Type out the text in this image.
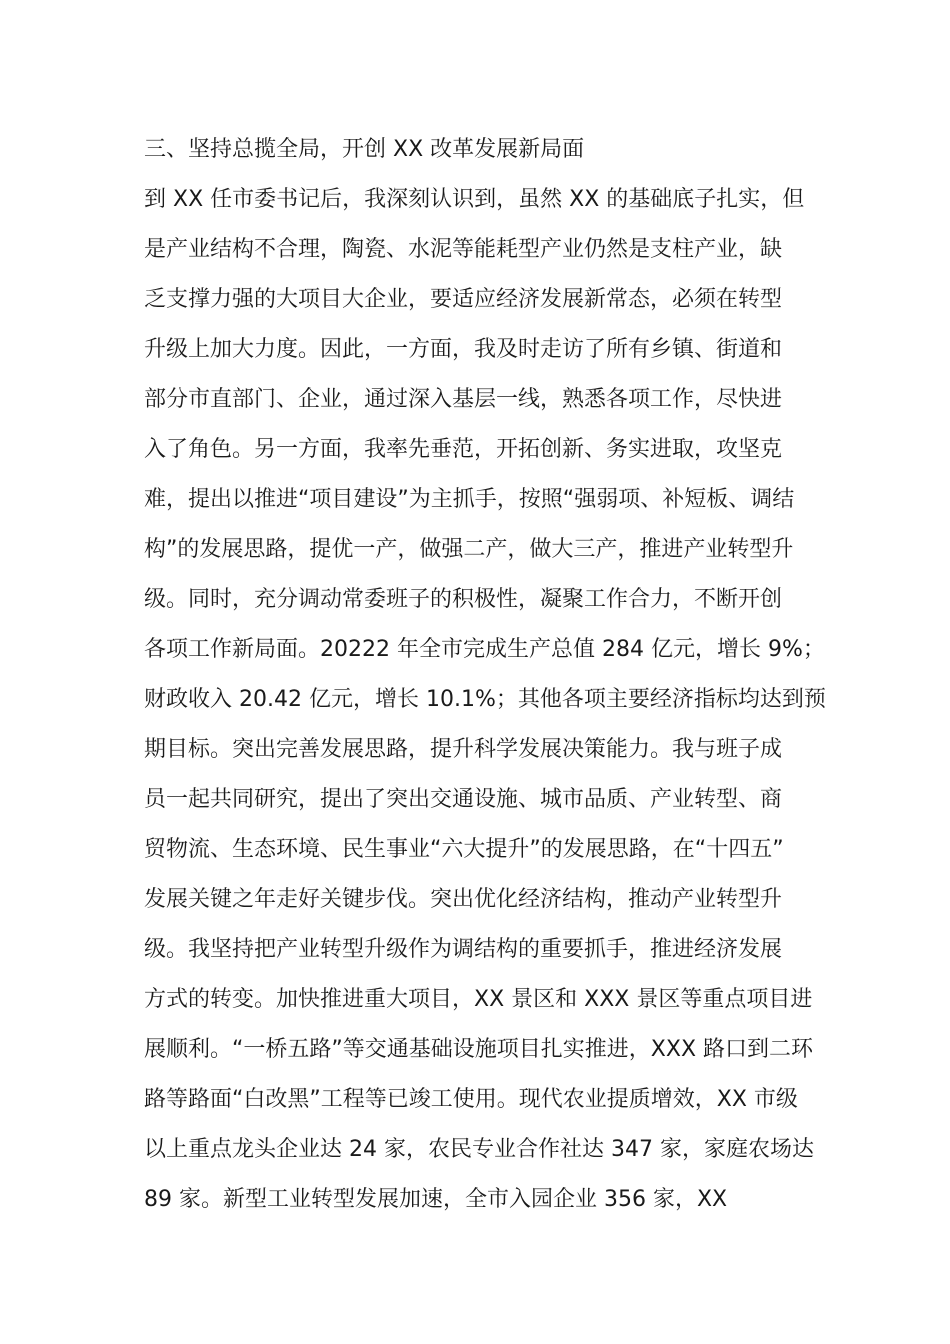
三、坚持总揽全局，开创 XX 改革发展新局面
到 XX 任市委书记后，我深刻认识到，虽然 XX 的基础底子扎实，但
是产业结构不合理，陶瓷、水泥等能耗型产业仍然是支柱产业，缺
乏支撑力强的大项目大企业，要适应经济发展新常态，必须在转型
升级上加大力度。因此，一方面，我及时走访了所有乡镇、街道和
部分市直部门、企业，通过深入基层一线，熟悉各项工作，尽快进
入了角色。另一方面，我率先垂范，开拓创新、务实进取，攻坚克
难，提出以推进“项目建设”为主抓手，按照“强弱项、补短板、调结
构”的发展思路，提优一产，做强二产，做大三产，推进产业转型升
级。同时，充分调动常委班子的积极性，凝聚工作合力，不断开创
各项工作新局面。20222 年全市完成生产总值 284 亿元，增长 9%；
财政收入 20.42 亿元，增长 10.1%；其他各项主要经济指标均达到预
期目标。突出完善发展思路，提升科学发展决策能力。我与班子成
员一起共同研究，提出了突出交通设施、城市品质、产业转型、商
贸物流、生态环境、民生事业“六大提升”的发展思路，在“十四五”
发展关键之年走好关键步伐。突出优化经济结构，推动产业转型升
级。我坚持把产业转型升级作为调结构的重要抓手，推进经济发展
方式的转变。加快推进重大项目，XX 景区和 XXX 景区等重点项目进
展顺利。“一桥五路”等交通基础设施项目扎实推进，XXX 路口到二环
路等路面“白改黑”工程等已竣工使用。现代农业提质增效，XX 市级
以上重点龙头企业达 24 家，农民专业合作社达 347 家，家庭农场达
89 家。新型工业转型发展加速，全市入园企业 356 家，XX
